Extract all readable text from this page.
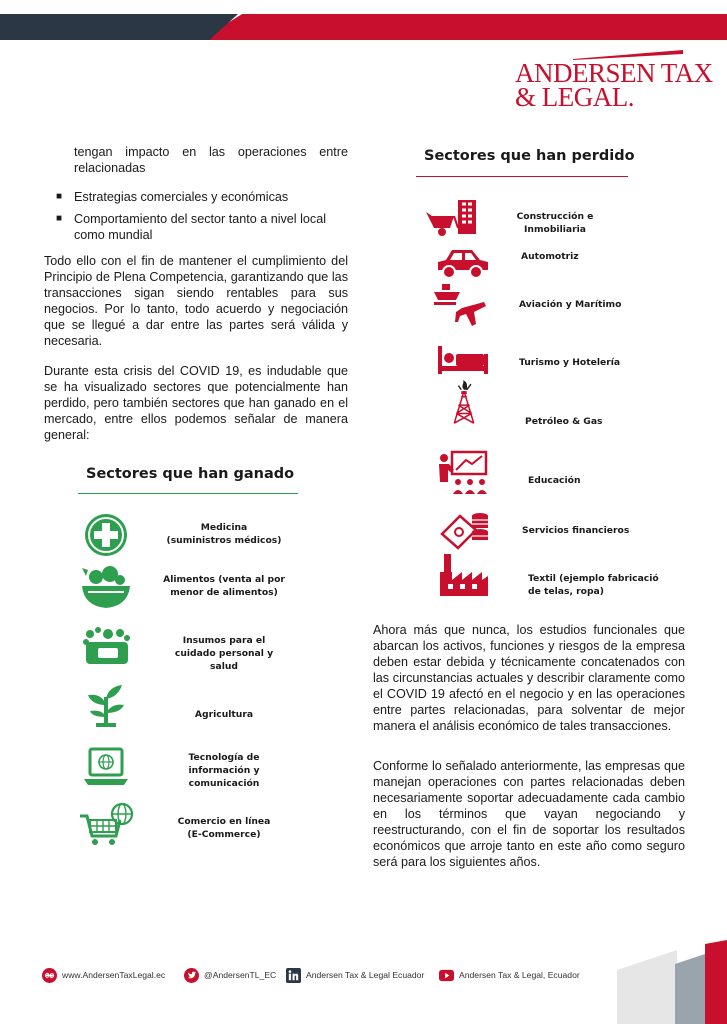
ANDERSEN TAX
& LEGAL.
tengan impacto en las operaciones entre relacionadas
■ Estrategias comerciales y económicas
■ Comportamiento del sector tanto a nivel local como mundial

Todo ello con el fin de mantener el cumplimiento del Principio de Plena Competencia, garantizando que las transacciones sigan siendo rentables para sus negocios. Por lo tanto, todo acuerdo y negociación que se llegué a dar entre las partes será válida y necesaria.

Durante esta crisis del COVID 19, es indudable que se ha visualizado sectores que potencialmente han perdido, pero también sectores que han ganado en el mercado, entre ellos podemos señalar de manera general:

Sectores que han ganado
Medicina
(suministros médicos)
Alimentos (venta al por
menor de alimentos)
Insumos para el
cuidado personal y
salud
Agricultura
Tecnología de
información y
comunicación
Comercio en línea
(E-Commerce)
Sectores que han perdido
Construcción e
Inmobiliaria
Automotriz
Aviación y Marítimo
Turismo y Hotelería
Petróleo & Gas
Educación
Servicios financieros
Textil (ejemplo fabricació
de telas, ropa)

Ahora más que nunca, los estudios funcionales que abarcan los activos, funciones y riesgos de la empresa deben estar debida y técnicamente concatenados con las circunstancias actuales y describir claramente como el COVID 19 afectó en el negocio y en las operaciones entre partes relacionadas, para solventar de mejor manera el análisis económico de tales transacciones.

Conforme lo señalado anteriormente, las empresas que manejan operaciones con partes relacionadas deben necesariamente soportar adecuadamente cada cambio en los términos que vayan negociando y reestructurando, con el fin de soportar los resultados económicos que arroje tanto en este año como seguro será para los siguientes años.

www.AndersenTaxLegal.ec	@AndersenTL_EC	Andersen Tax & Legal Ecuador	Andersen Tax & Legal, Ecuador
